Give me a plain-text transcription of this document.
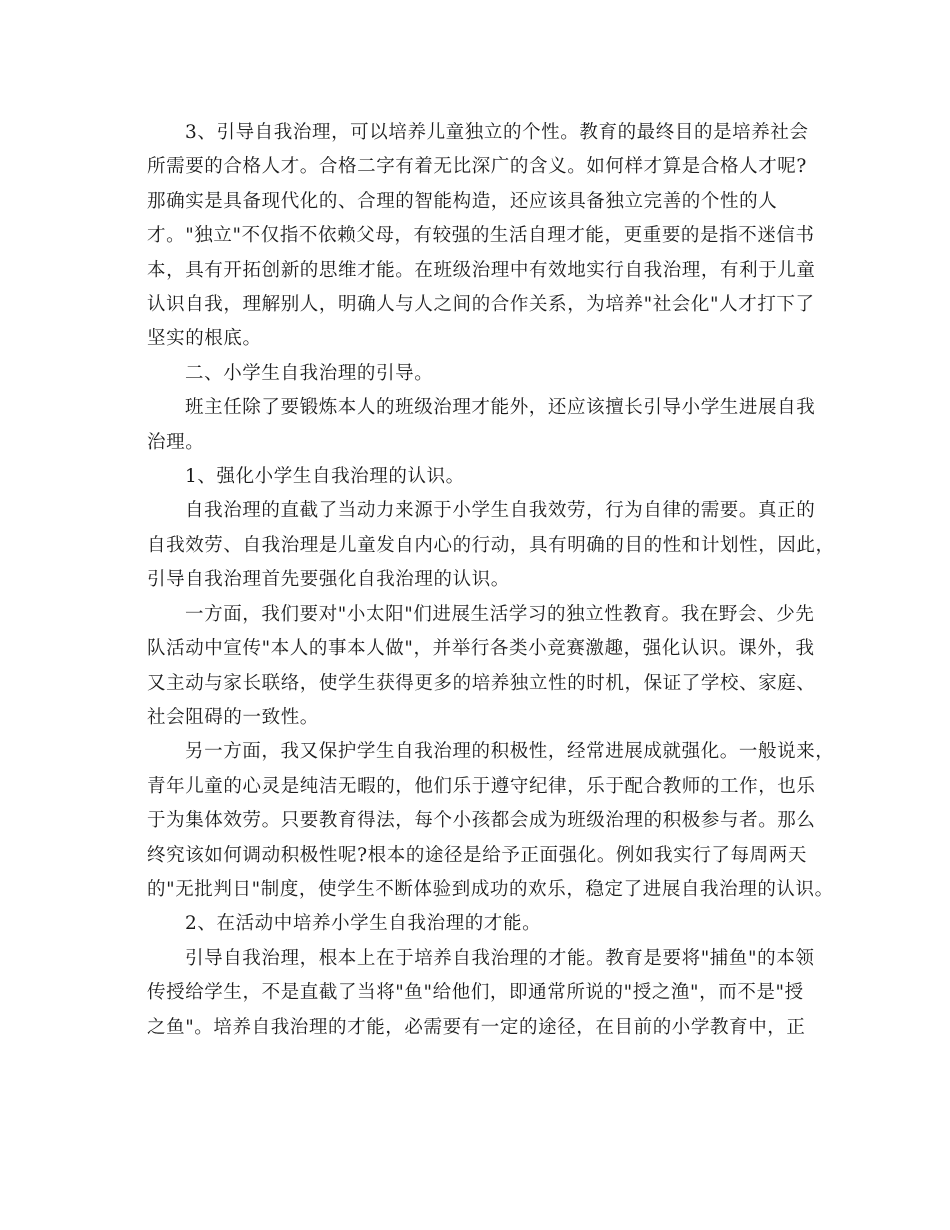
3、引导自我治理，可以培养儿童独立的个性。教育的最终目的是培养社会
所需要的合格人才。合格二字有着无比深广的含义。如何样才算是合格人才呢?
那确实是具备现代化的、合理的智能构造，还应该具备独立完善的个性的人
才。"独立"不仅指不依赖父母，有较强的生活自理才能，更重要的是指不迷信书
本，具有开拓创新的思维才能。在班级治理中有效地实行自我治理，有利于儿童
认识自我，理解别人，明确人与人之间的合作关系，为培养"社会化"人才打下了
坚实的根底。
二、小学生自我治理的引导。
班主任除了要锻炼本人的班级治理才能外，还应该擅长引导小学生进展自我
治理。
1、强化小学生自我治理的认识。
自我治理的直截了当动力来源于小学生自我效劳，行为自律的需要。真正的
自我效劳、自我治理是儿童发自内心的行动，具有明确的目的性和计划性，因此，
引导自我治理首先要强化自我治理的认识。
一方面，我们要对"小太阳"们进展生活学习的独立性教育。我在野会、少先
队活动中宣传"本人的事本人做"，并举行各类小竞赛激趣，强化认识。课外，我
又主动与家长联络，使学生获得更多的培养独立性的时机，保证了学校、家庭、
社会阻碍的一致性。
另一方面，我又保护学生自我治理的积极性，经常进展成就强化。一般说来，
青年儿童的心灵是纯洁无暇的，他们乐于遵守纪律，乐于配合教师的工作，也乐
于为集体效劳。只要教育得法，每个小孩都会成为班级治理的积极参与者。那么
终究该如何调动积极性呢?根本的途径是给予正面强化。例如我实行了每周两天
的"无批判日"制度，使学生不断体验到成功的欢乐，稳定了进展自我治理的认识。
2、在活动中培养小学生自我治理的才能。
引导自我治理，根本上在于培养自我治理的才能。教育是要将"捕鱼"的本领
传授给学生，不是直截了当将"鱼"给他们，即通常所说的"授之渔"，而不是"授
之鱼"。培养自我治理的才能，必需要有一定的途径，在目前的小学教育中，正
